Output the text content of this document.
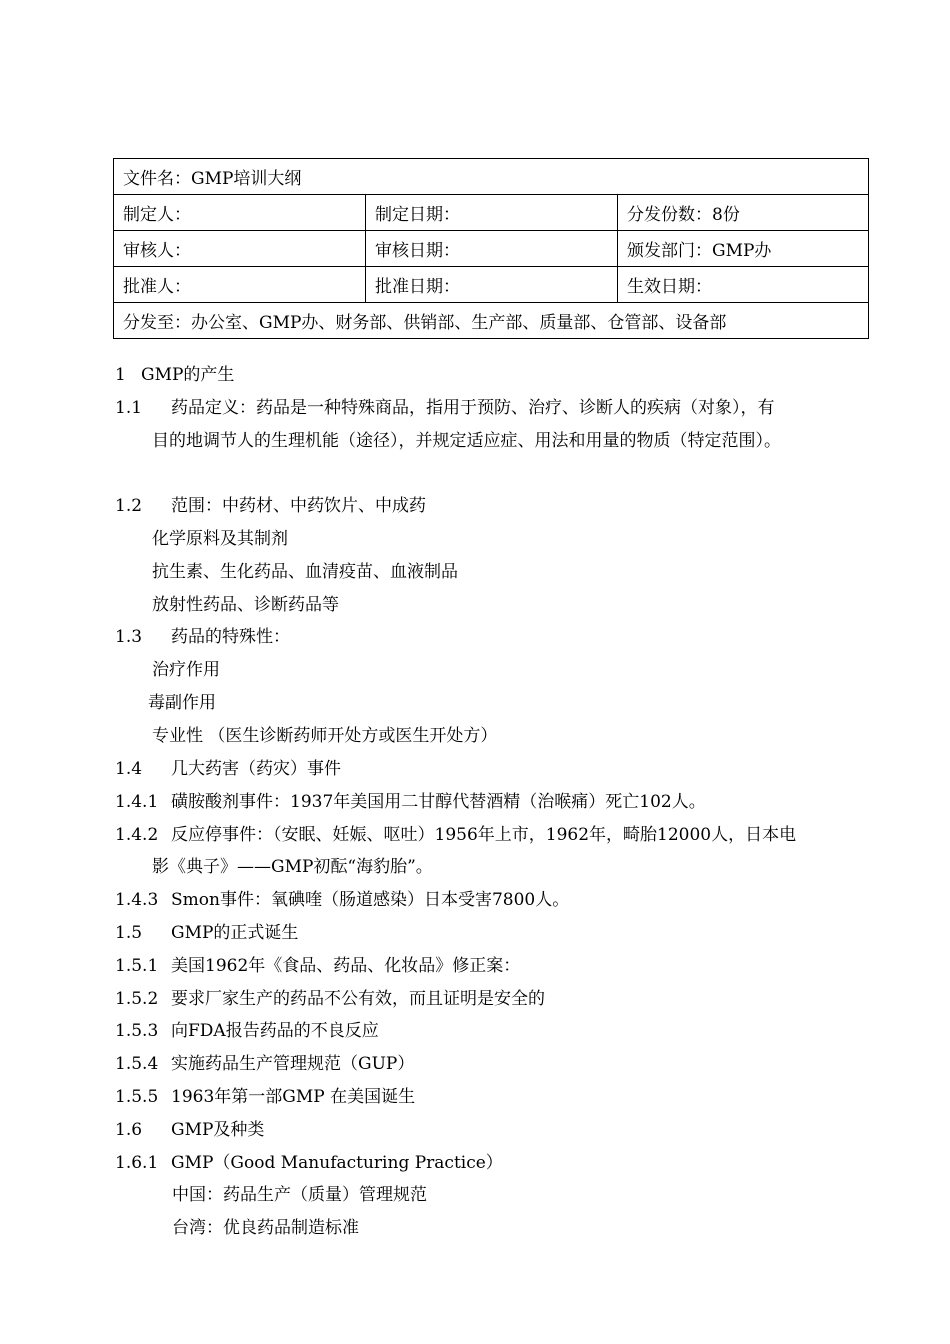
文件名：GMP培训大纲		
制定人：	制定日期：	分发份数：8份
审核人：	审核日期：	颁发部门：GMP办
批准人：	批准日期：	生效日期：
分发至：办公室、GMP办、财务部、供销部、生产部、质量部、仓管部、设备部		
1 GMP的产生
1.1 药品定义：药品是一种特殊商品，指用于预防、治疗、诊断人的疾病（对象），有
目的地调节人的生理机能（途径），并规定适应症、用法和用量的物质（特定范围）。
1.2 范围：中药材、中药饮片、中成药
化学原料及其制剂
抗生素、生化药品、血清疫苗、血液制品
放射性药品、诊断药品等
1.3 药品的特殊性：
治疗作用
毒副作用
专业性 （医生诊断药师开处方或医生开处方）
1.4 几大药害（药灾）事件
1.4.1 磺胺酸剂事件：1937年美国用二甘醇代替酒精（治喉痛）死亡102人。
1.4.2 反应停事件：（安眠、妊娠、呕吐）1956年上市，1962年，畸胎12000人，日本电
影《典子》——GMP初酝“海豹胎”。
1.4.3 Smon事件：氧碘喹（肠道感染）日本受害7800人。
1.5 GMP的正式诞生
1.5.1 美国1962年《食品、药品、化妆品》修正案：
1.5.2 要求厂家生产的药品不公有效，而且证明是安全的
1.5.3 向FDA报告药品的不良反应
1.5.4 实施药品生产管理规范（GUP）
1.5.5 1963年第一部GMP 在美国诞生
1.6 GMP及种类
1.6.1 GMP（Good Manufacturing Practice）
中国：药品生产（质量）管理规范
台湾：优良药品制造标准
